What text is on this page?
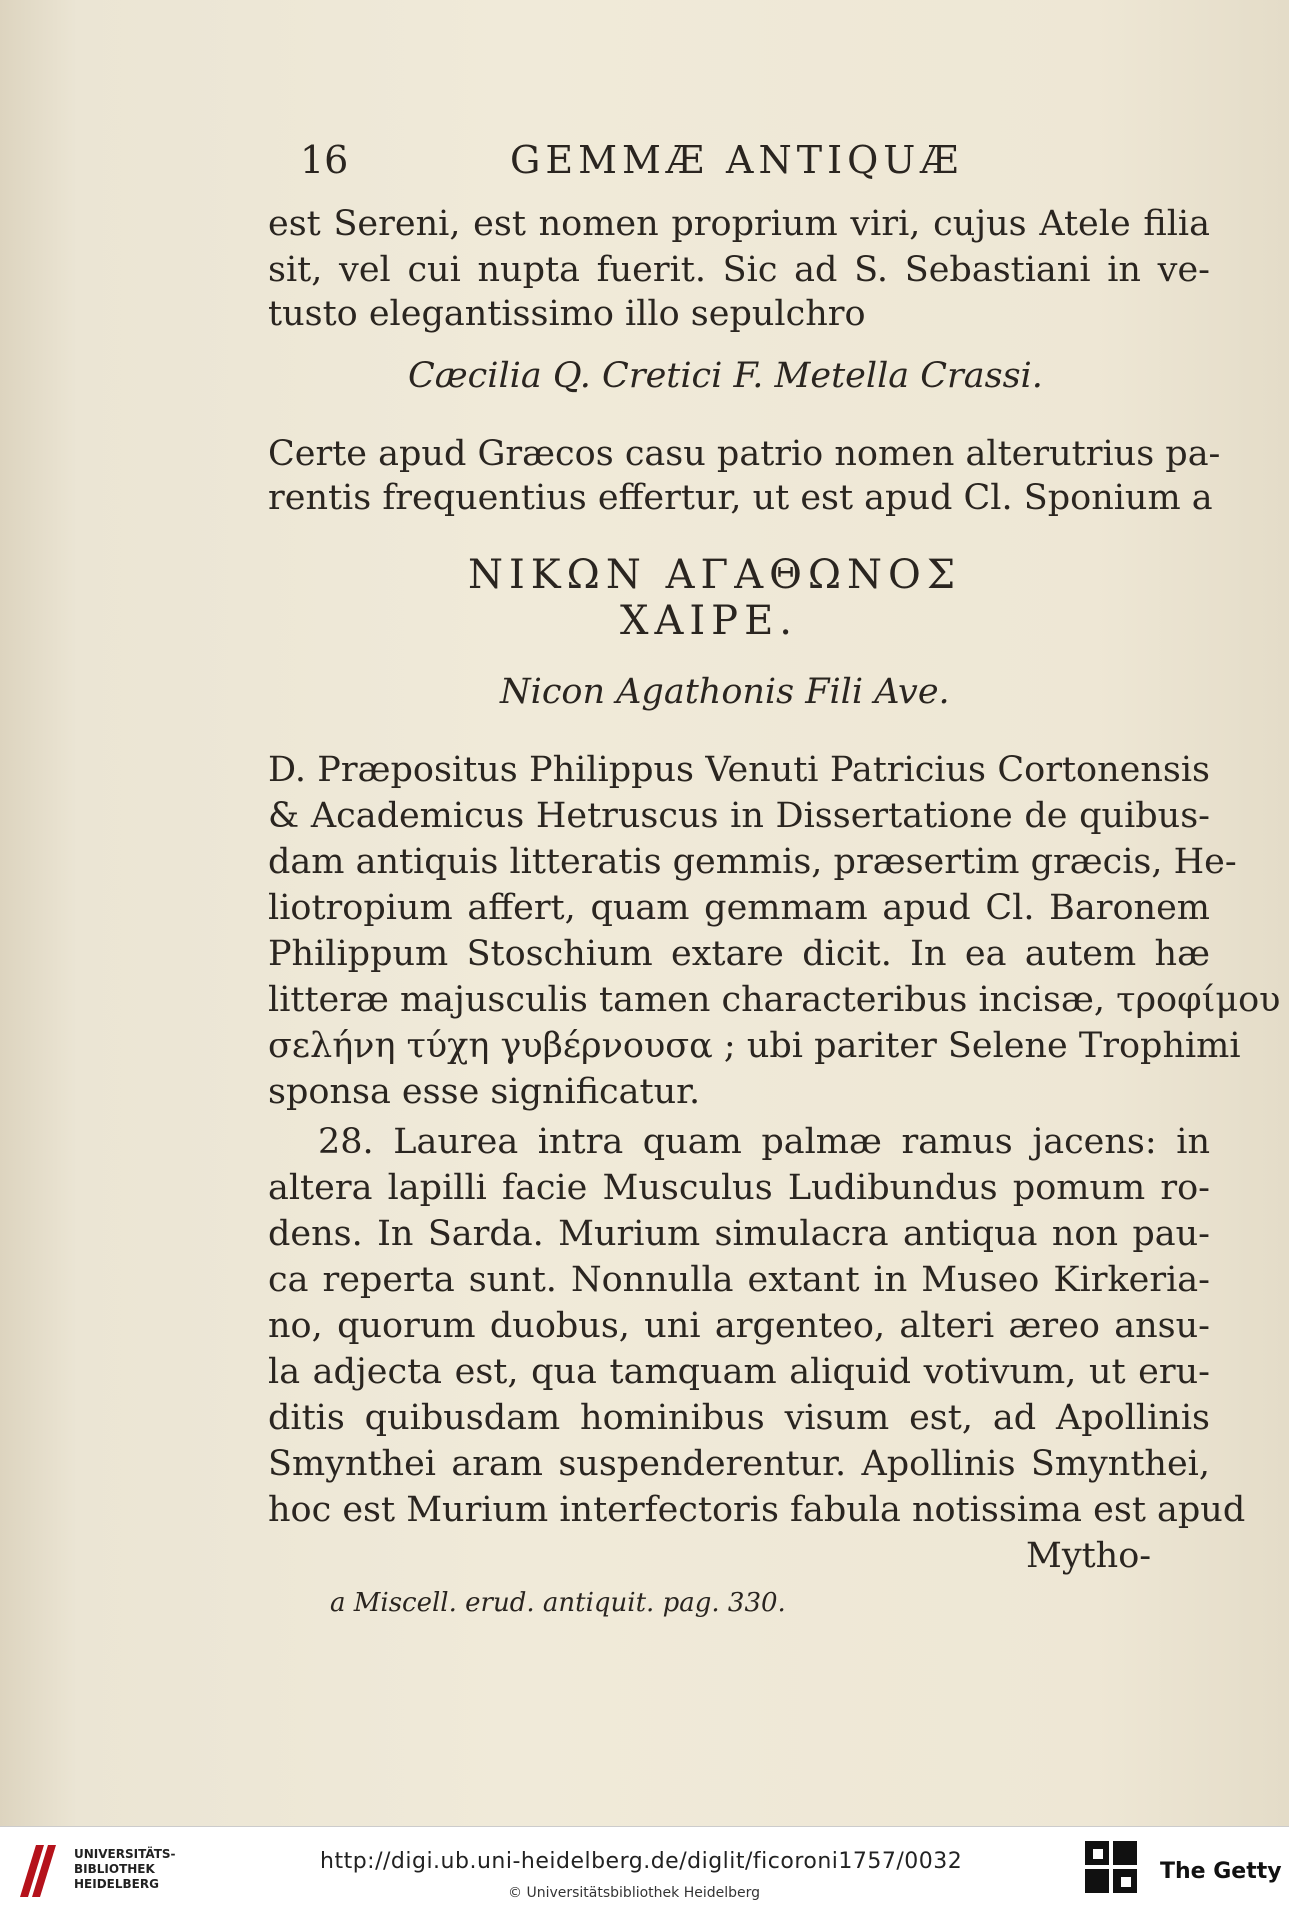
16	GEMMÆ ANTIQUÆ
est Sereni, est nomen proprium viri, cujus Atele filia
sit, vel cui nupta fuerit. Sic ad S. Sebastiani in ve-
tusto elegantissimo illo sepulchro
Cæcilia Q. Cretici F. Metella Crassi.
Certe apud Græcos casu patrio nomen alterutrius pa-
rentis frequentius effertur, ut est apud Cl. Sponium a
ΝΙΚΩΝ ΑΓΑΘΩΝΟΣ
ΧΑΙΡΕ.
Nicon Agathonis Fili Ave.
D. Præpositus Philippus Venuti Patricius Cortonensis
& Academicus Hetruscus in Dissertatione de quibus-
dam antiquis litteratis gemmis, præsertim græcis, He-
liotropium affert, quam gemmam apud Cl. Baronem
Philippum Stoschium extare dicit. In ea autem hæ
litteræ majusculis tamen characteribus incisæ, τροφίμου
σελήνη τύχη γυβέρνουσα ; ubi pariter Selene Trophimi
sponsa esse significatur.
28. Laurea intra quam palmæ ramus jacens: in
altera lapilli facie Musculus Ludibundus pomum ro-
dens. In Sarda. Murium simulacra antiqua non pau-
ca reperta sunt. Nonnulla extant in Museo Kirkeria-
no, quorum duobus, uni argenteo, alteri æreo ansu-
la adjecta est, qua tamquam aliquid votivum, ut eru-
ditis quibusdam hominibus visum est, ad Apollinis
Smynthei aram suspenderentur. Apollinis Smynthei,
hoc est Murium interfectoris fabula notissima est apud
Mytho-
a Miscell. erud. antiquit. pag. 330.
UNIVERSITÄTS-
BIBLIOTHEK
HEIDELBERG
http://digi.ub.uni-heidelberg.de/diglit/ficoroni1757/0032
© Universitätsbibliothek Heidelberg
The Getty
